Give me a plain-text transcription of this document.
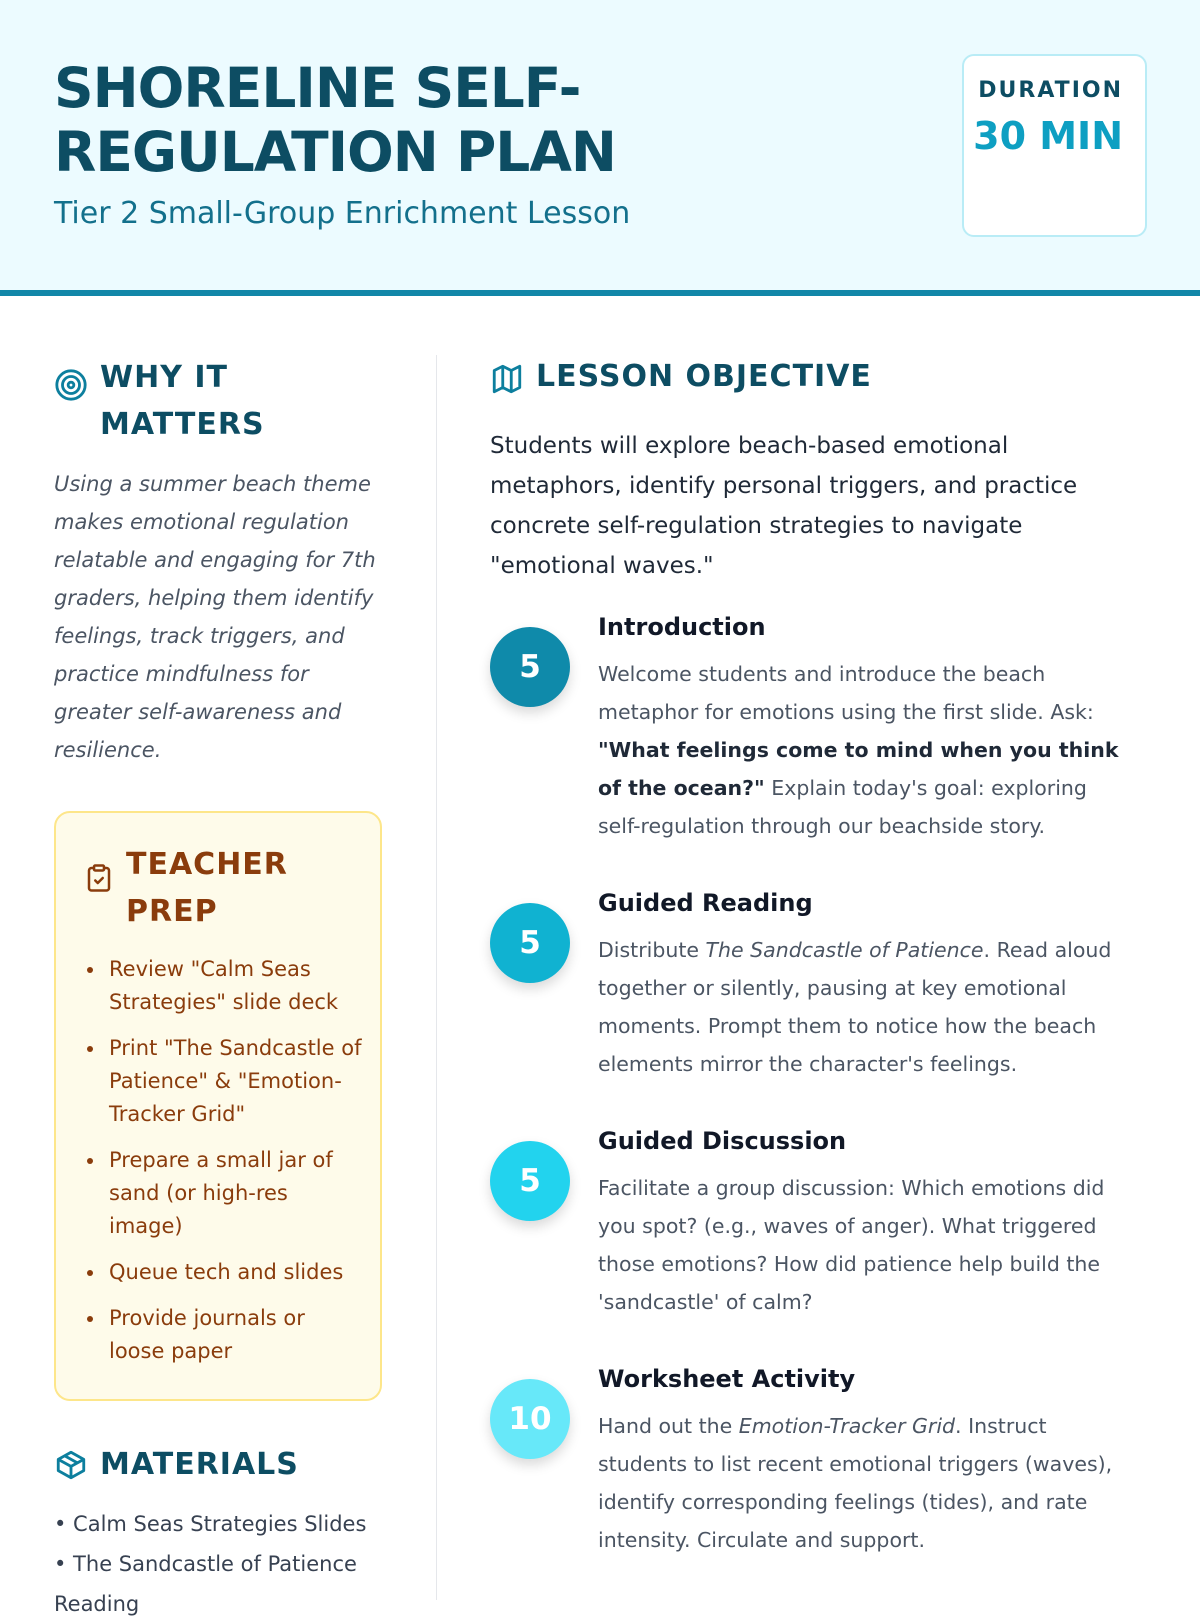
SHORELINE SELF-REGULATION PLAN
Tier 2 Small-Group Enrichment Lesson
DURATION
30 MIN
WHY IT MATTERS
Using a summer beach theme makes emotional regulation relatable and engaging for 7th graders, helping them identify feelings, track triggers, and practice mindfulness for greater self-awareness and resilience.
TEACHER PREP
Review "Calm Seas Strategies" slide deck
Print "The Sandcastle of Patience" & "Emotion-Tracker Grid"
Prepare a small jar of sand (or high-res image)
Queue tech and slides
Provide journals or loose paper
MATERIALS
• Calm Seas Strategies Slides
• The Sandcastle of Patience Reading
LESSON OBJECTIVE
Students will explore beach-based emotional metaphors, identify personal triggers, and practice concrete self-regulation strategies to navigate "emotional waves."
5
Introduction
Welcome students and introduce the beach metaphor for emotions using the first slide. Ask: "What feelings come to mind when you think of the ocean?" Explain today's goal: exploring self-regulation through our beachside story.
5
Guided Reading
Distribute The Sandcastle of Patience. Read aloud together or silently, pausing at key emotional moments. Prompt them to notice how the beach elements mirror the character's feelings.
5
Guided Discussion
Facilitate a group discussion: Which emotions did you spot? (e.g., waves of anger). What triggered those emotions? How did patience help build the 'sandcastle' of calm?
10
Worksheet Activity
Hand out the Emotion-Tracker Grid. Instruct students to list recent emotional triggers (waves), identify corresponding feelings (tides), and rate intensity. Circulate and support.
